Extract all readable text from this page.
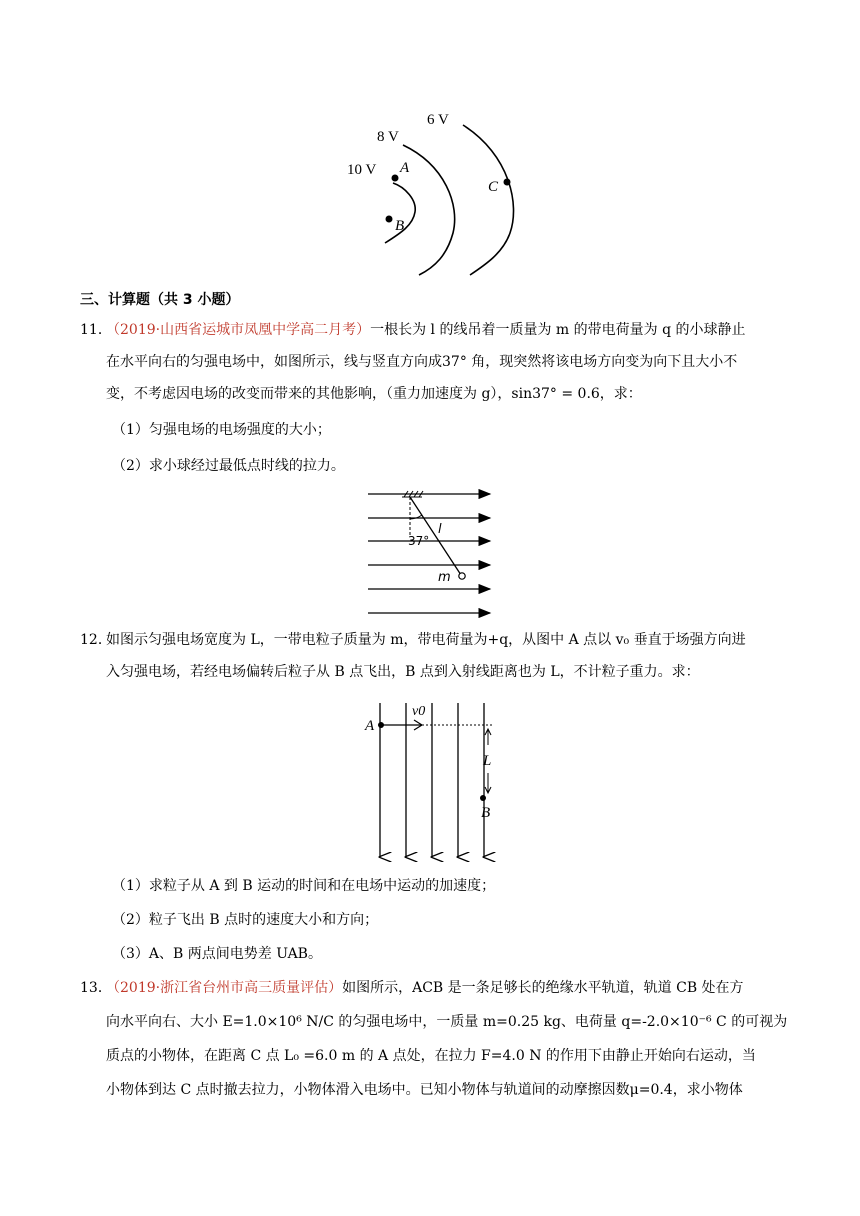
10 V
8 V
6 V
A
B
C
三、计算题（共 3 小题）
11．
（2019·山西省运城市凤凰中学高二月考）一根长为 l 的线吊着一质量为 m 的带电荷量为 q 的小球静止
在水平向右的匀强电场中，如图所示，线与竖直方向成37° 角，现突然将该电场方向变为向下且大小不
变，不考虑因电场的改变而带来的其他影响，（重力加速度为 g），sin37° = 0.6，求：
（1）匀强电场的电场强度的大小；
（2）求小球经过最低点时线的拉力。
37°
l
m
12．
如图示匀强电场宽度为 L，一带电粒子质量为 m，带电荷量为+q，从图中 A 点以 v₀ 垂直于场强方向进
入匀强电场，若经电场偏转后粒子从 B 点飞出，B 点到入射线距离也为 L，不计粒子重力。求：
A
v0
L
B
（1）求粒子从 A 到 B 运动的时间和在电场中运动的加速度；
（2）粒子飞出 B 点时的速度大小和方向；
（3）A、B 两点间电势差 UAB。
13．
（2019·浙江省台州市高三质量评估）如图所示，ACB 是一条足够长的绝缘水平轨道，轨道 CB 处在方
向水平向右、大小 E=1.0×10⁶ N/C 的匀强电场中，一质量 m=0.25 kg、电荷量 q=-2.0×10⁻⁶ C 的可视为
质点的小物体，在距离 C 点 L₀ =6.0 m 的 A 点处，在拉力 F=4.0 N 的作用下由静止开始向右运动，当
小物体到达 C 点时撤去拉力，小物体滑入电场中。已知小物体与轨道间的动摩擦因数μ=0.4，求小物体
